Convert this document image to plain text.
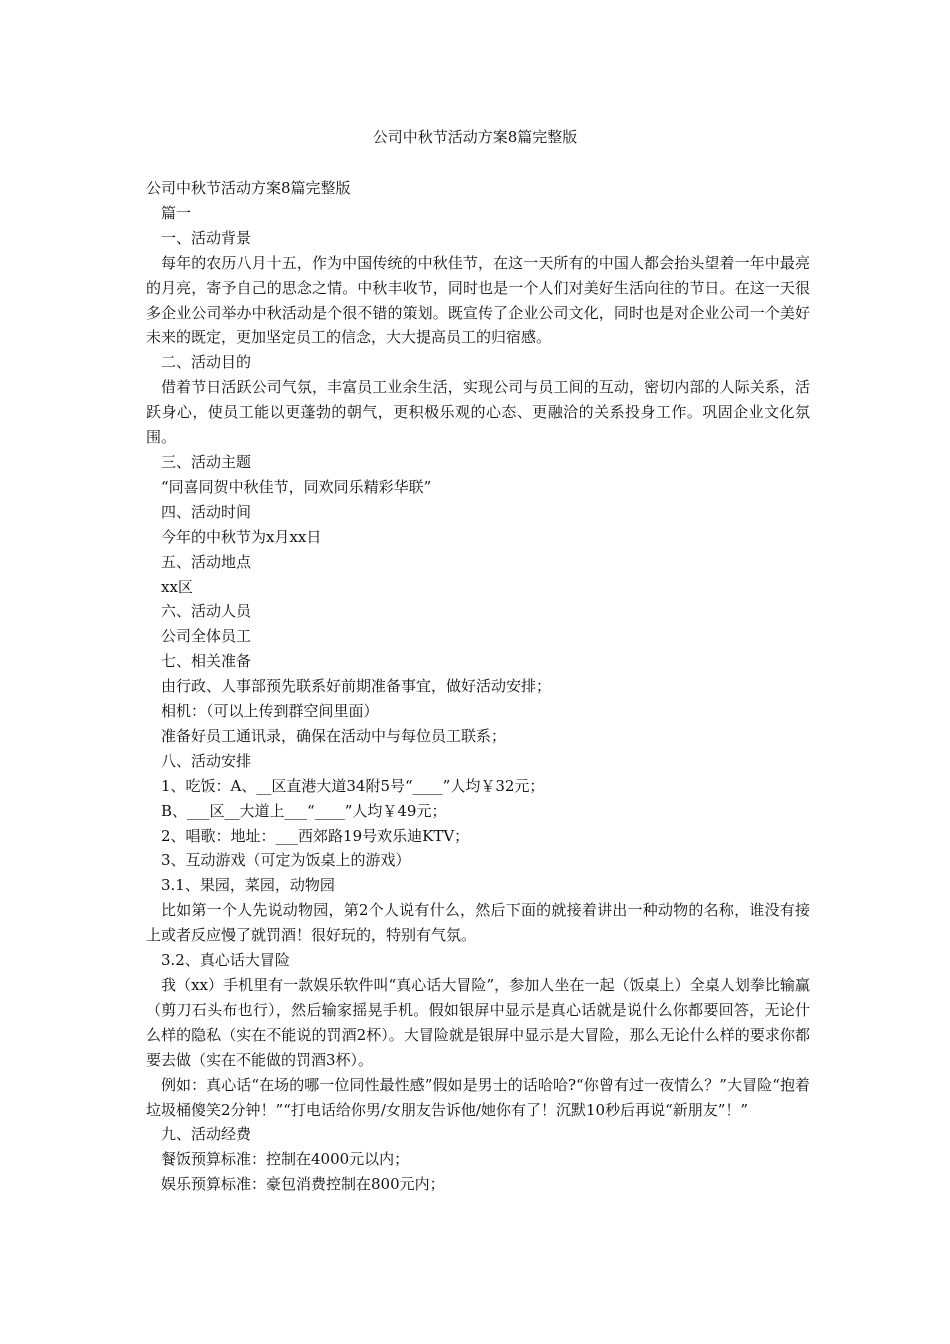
公司中秋节活动方案8篇完整版

公司中秋节活动方案8篇完整版

篇一

一、活动背景

每年的农历八月十五，作为中国传统的中秋佳节，在这一天所有的中国人都会抬头望着一年中最亮的月亮，寄予自己的思念之情。中秋丰收节，同时也是一个人们对美好生活向往的节日。在这一天很多企业公司举办中秋活动是个很不错的策划。既宣传了企业公司文化，同时也是对企业公司一个美好未来的既定，更加坚定员工的信念，大大提高员工的归宿感。

二、活动目的

借着节日活跃公司气氛，丰富员工业余生活，实现公司与员工间的互动，密切内部的人际关系，活跃身心，使员工能以更蓬勃的朝气，更积极乐观的心态、更融洽的关系投身工作。巩固企业文化氛围。

三、活动主题

“同喜同贺中秋佳节，同欢同乐精彩华联”

四、活动时间

今年的中秋节为x月xx日

五、活动地点

xx区

六、活动人员

公司全体员工

七、相关准备

由行政、人事部预先联系好前期准备事宜，做好活动安排；

相机：（可以上传到群空间里面）

准备好员工通讯录，确保在活动中与每位员工联系；

八、活动安排

1、吃饭：A、__区直港大道34附5号“____”人均￥32元；

B、___区__大道上___“____”人均￥49元；

2、唱歌：地址：___西郊路19号欢乐迪KTV；

3、互动游戏（可定为饭桌上的游戏）

3.1、果园，菜园，动物园

比如第一个人先说动物园，第2个人说有什么，然后下面的就接着讲出一种动物的名称，谁没有接上或者反应慢了就罚酒！很好玩的，特别有气氛。

3.2、真心话大冒险

我（xx）手机里有一款娱乐软件叫“真心话大冒险”，参加人坐在一起（饭桌上）全桌人划拳比输赢（剪刀石头布也行），然后输家摇晃手机。假如银屏中显示是真心话就是说什么你都要回答，无论什么样的隐私（实在不能说的罚酒2杯）。大冒险就是银屏中显示是大冒险，那么无论什么样的要求你都要去做（实在不能做的罚酒3杯）。

例如：真心话“在场的哪一位同性最性感”假如是男士的话哈哈?“你曾有过一夜情么？”大冒险“抱着垃圾桶傻笑2分钟！”“打电话给你男/女朋友告诉他/她你有了！沉默10秒后再说“新朋友”！”

九、活动经费

餐饭预算标准：控制在4000元以内；

娱乐预算标准：豪包消费控制在800元内；
